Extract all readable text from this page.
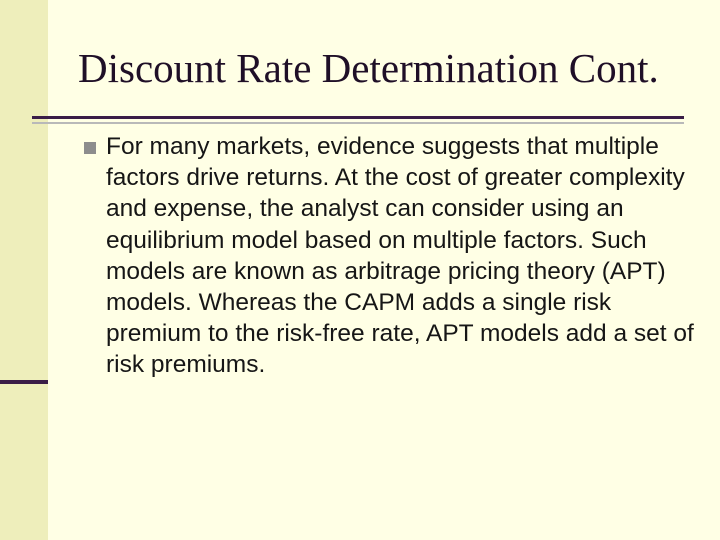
Discount Rate Determination Cont.

For many markets, evidence suggests that multiple factors drive returns. At the cost of greater complexity and expense, the analyst can consider using an equilibrium model based on multiple factors. Such models are known as arbitrage pricing theory (APT) models. Whereas the CAPM adds a single risk premium to the risk-free rate, APT models add a set of risk premiums.
